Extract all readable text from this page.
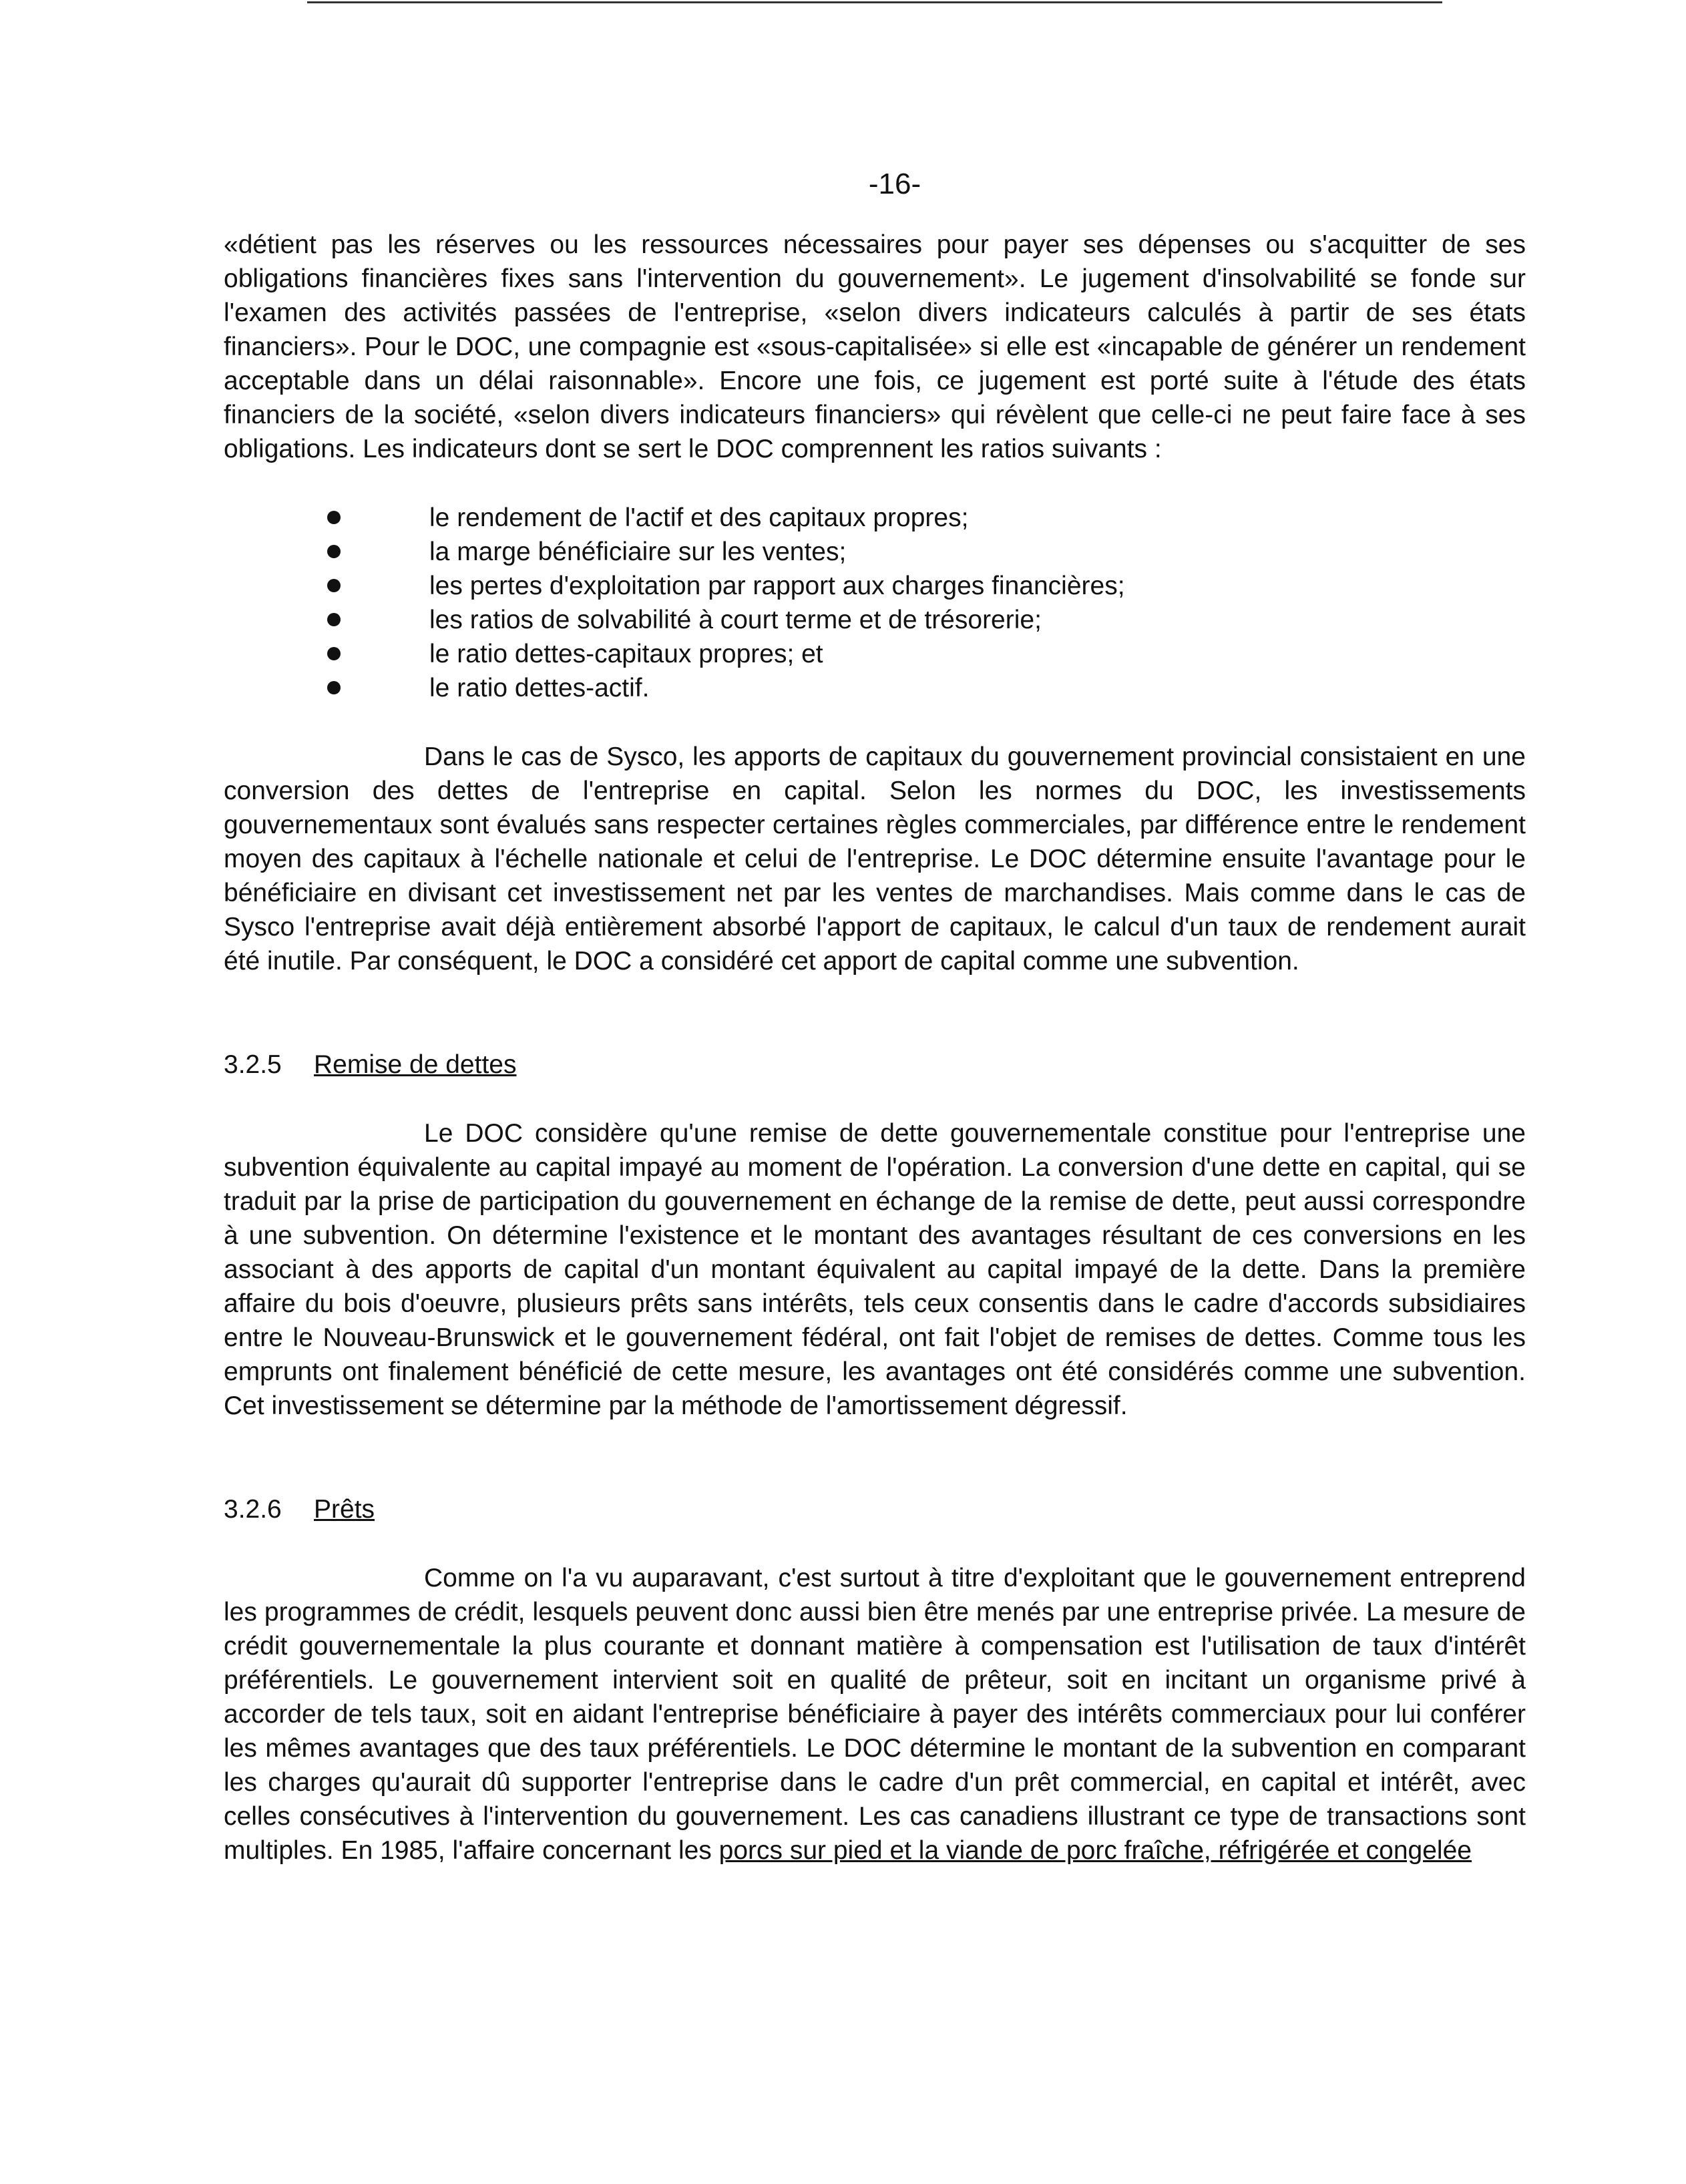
-16-

«détient pas les réserves ou les ressources nécessaires pour payer ses dépenses ou s'acquitter de ses obligations financières fixes sans l'intervention du gouvernement». Le jugement d'insolvabilité se fonde sur l'examen des activités passées de l'entreprise, «selon divers indicateurs calculés à partir de ses états financiers». Pour le DOC, une compagnie est «sous-capitalisée» si elle est «incapable de générer un rendement acceptable dans un délai raisonnable». Encore une fois, ce jugement est porté suite à l'étude des états financiers de la société, «selon divers indicateurs financiers» qui révèlent que celle-ci ne peut faire face à ses obligations. Les indicateurs dont se sert le DOC comprennent les ratios suivants :

le rendement de l'actif et des capitaux propres;
la marge bénéficiaire sur les ventes;
les pertes d'exploitation par rapport aux charges financières;
les ratios de solvabilité à court terme et de trésorerie;
le ratio dettes-capitaux propres; et
le ratio dettes-actif.

Dans le cas de Sysco, les apports de capitaux du gouvernement provincial consistaient en une conversion des dettes de l'entreprise en capital. Selon les normes du DOC, les investissements gouvernementaux sont évalués sans respecter certaines règles commerciales, par différence entre le rendement moyen des capitaux à l'échelle nationale et celui de l'entreprise. Le DOC détermine ensuite l'avantage pour le bénéficiaire en divisant cet investissement net par les ventes de marchandises. Mais comme dans le cas de Sysco l'entreprise avait déjà entièrement absorbé l'apport de capitaux, le calcul d'un taux de rendement aurait été inutile. Par conséquent, le DOC a considéré cet apport de capital comme une subvention.

3.2.5 Remise de dettes

Le DOC considère qu'une remise de dette gouvernementale constitue pour l'entreprise une subvention équivalente au capital impayé au moment de l'opération. La conversion d'une dette en capital, qui se traduit par la prise de participation du gouvernement en échange de la remise de dette, peut aussi correspondre à une subvention. On détermine l'existence et le montant des avantages résultant de ces conversions en les associant à des apports de capital d'un montant équivalent au capital impayé de la dette. Dans la première affaire du bois d'oeuvre, plusieurs prêts sans intérêts, tels ceux consentis dans le cadre d'accords subsidiaires entre le Nouveau-Brunswick et le gouvernement fédéral, ont fait l'objet de remises de dettes. Comme tous les emprunts ont finalement bénéficié de cette mesure, les avantages ont été considérés comme une subvention. Cet investissement se détermine par la méthode de l'amortissement dégressif.

3.2.6 Prêts

Comme on l'a vu auparavant, c'est surtout à titre d'exploitant que le gouvernement entreprend les programmes de crédit, lesquels peuvent donc aussi bien être menés par une entreprise privée. La mesure de crédit gouvernementale la plus courante et donnant matière à compensation est l'utilisation de taux d'intérêt préférentiels. Le gouvernement intervient soit en qualité de prêteur, soit en incitant un organisme privé à accorder de tels taux, soit en aidant l'entreprise bénéficiaire à payer des intérêts commerciaux pour lui conférer les mêmes avantages que des taux préférentiels. Le DOC détermine le montant de la subvention en comparant les charges qu'aurait dû supporter l'entreprise dans le cadre d'un prêt commercial, en capital et intérêt, avec celles consécutives à l'intervention du gouvernement. Les cas canadiens illustrant ce type de transactions sont multiples. En 1985, l'affaire concernant les porcs sur pied et la viande de porc fraîche, réfrigérée et congelée
